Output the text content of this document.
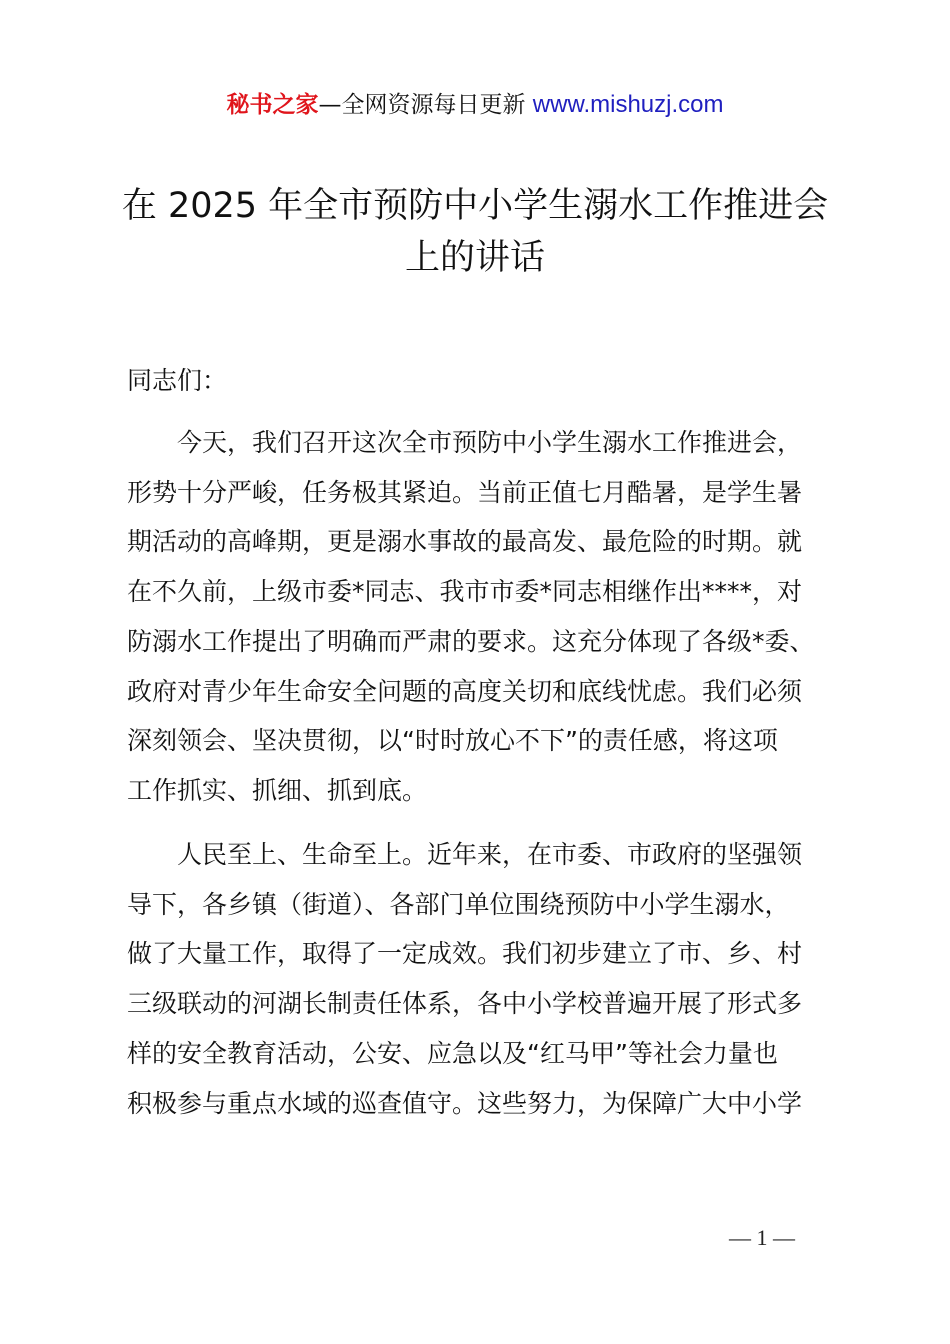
秘书之家—全网资源每日更新 www.mishuzj.com
在 2025 年全市预防中小学生溺水工作推进会
上的讲话

同志们：

今天，我们召开这次全市预防中小学生溺水工作推进会，
形势十分严峻，任务极其紧迫。当前正值七月酷暑，是学生暑
期活动的高峰期，更是溺水事故的最高发、最危险的时期。就
在不久前，上级市委*同志、我市市委*同志相继作出****，对
防溺水工作提出了明确而严肃的要求。这充分体现了各级*委、
政府对青少年生命安全问题的高度关切和底线忧虑。我们必须
深刻领会、坚决贯彻，以“时时放心不下”的责任感，将这项
工作抓实、抓细、抓到底。

人民至上、生命至上。近年来，在市委、市政府的坚强领
导下，各乡镇（街道）、各部门单位围绕预防中小学生溺水，
做了大量工作，取得了一定成效。我们初步建立了市、乡、村
三级联动的河湖长制责任体系，各中小学校普遍开展了形式多
样的安全教育活动，公安、应急以及“红马甲”等社会力量也
积极参与重点水域的巡查值守。这些努力，为保障广大中小学

— 1 —
